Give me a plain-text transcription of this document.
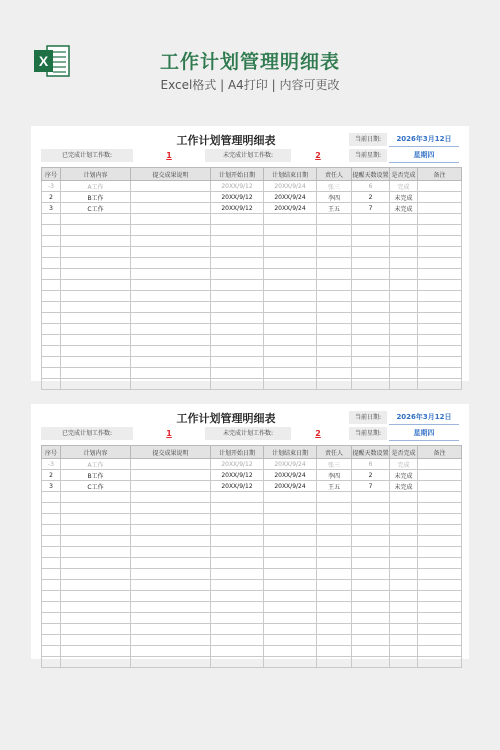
X	工作计划管理明细表
Excel格式 | A4打印 | 内容可更改
工作计划管理明细表	当前日期:	2026年3月12日
已完成计划工作数:	1	未完成计划工作数:	2	当前星期:	星期四
序号	计划内容	提交成果说明	计划开始日期	计划结束日期	责任人	提醒天数设置	是否完成	备注
-3	A工作		20XX/9/12	20XX/9/24	张三	6	完成	
2	B工作		20XX/9/12	20XX/9/24	李四	2	未完成	
3	C工作		20XX/9/12	20XX/9/24	王五	7	未完成	

工作计划管理明细表	当前日期:	2026年3月12日
已完成计划工作数:	1	未完成计划工作数:	2	当前星期:	星期四
序号	计划内容	提交成果说明	计划开始日期	计划结束日期	责任人	提醒天数设置	是否完成	备注
-3	A工作		20XX/9/12	20XX/9/24	张三	6	完成	
2	B工作		20XX/9/12	20XX/9/24	李四	2	未完成	
3	C工作		20XX/9/12	20XX/9/24	王五	7	未完成	
